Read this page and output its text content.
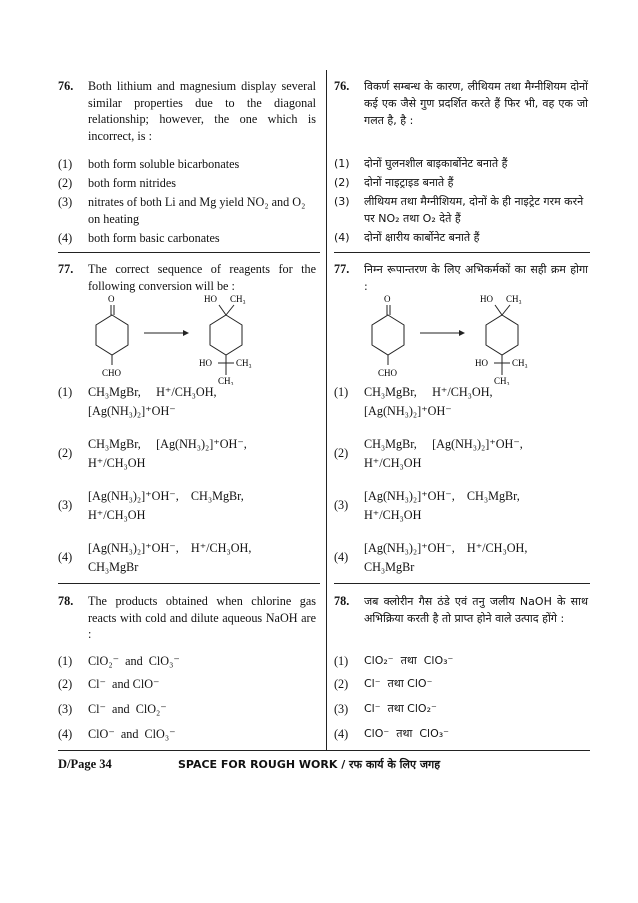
76. Both lithium and magnesium display several similar properties due to the diagonal relationship; however, the one which is incorrect, is :
(1) both form soluble bicarbonates
(2) both form nitrides
(3) nitrates of both Li and Mg yield NO₂ and O₂ on heating
(4) both form basic carbonates
77. The correct sequence of reagents for the following conversion will be :
O
CHO
HO CH₃
HO	CH₃
CH₃
(1) CH₃MgBr,     H⁺/CH₃OH,
[Ag(NH₃)₂]⁺OH⁻
(2)
CH₃MgBr,     [Ag(NH₃)₂]⁺OH⁻,
H⁺/CH₃OH
(3)
[Ag(NH₃)₂]⁺OH⁻,    CH₃MgBr,
H⁺/CH₃OH
(4)
[Ag(NH₃)₂]⁺OH⁻,    H⁺/CH₃OH,
CH₃MgBr
78. The products obtained when chlorine gas reacts with cold and dilute aqueous NaOH are :
(1) ClO₂⁻  and  ClO₃⁻
(2) Cl⁻  and ClO⁻
(3) Cl⁻  and  ClO₂⁻
(4) ClO⁻  and  ClO₃⁻
76. विकर्ण सम्बन्ध के कारण, लीथियम तथा मैग्नीशियम दोनों कई एक जैसे गुण प्रदर्शित करते हैं फिर भी, वह एक जो गलत है, है :
(1) दोनों घुलनशील बाइकार्बोनेट बनाते हैं
(2) दोनों नाइट्राइड बनाते हैं
(3) लीथियम तथा मैग्नीशियम, दोनों के ही नाइट्रेट गरम करने पर NO₂ तथा O₂ देते हैं
(4) दोनों क्षारीय कार्बोनेट बनाते हैं
77. निम्न रूपान्तरण के लिए अभिकर्मकों का सही क्रम होगा :
O
CHO
HO CH₃
HO	CH₃
CH₃
(1) CH₃MgBr,     H⁺/CH₃OH,
[Ag(NH₃)₂]⁺OH⁻
(2)
CH₃MgBr,     [Ag(NH₃)₂]⁺OH⁻,
H⁺/CH₃OH
(3)
[Ag(NH₃)₂]⁺OH⁻,    CH₃MgBr,
H⁺/CH₃OH
(4)
[Ag(NH₃)₂]⁺OH⁻,    H⁺/CH₃OH,
CH₃MgBr
78. जब क्लोरीन गैस ठंडे एवं तनु जलीय NaOH के साथ अभिक्रिया करती है तो प्राप्त होने वाले उत्पाद होंगे :
(1) ClO₂⁻  तथा  ClO₃⁻
(2) Cl⁻  तथा ClO⁻
(3) Cl⁻  तथा ClO₂⁻
(4) ClO⁻  तथा  ClO₃⁻
D/Page 34	SPACE FOR ROUGH WORK / रफ कार्य के लिए जगह
